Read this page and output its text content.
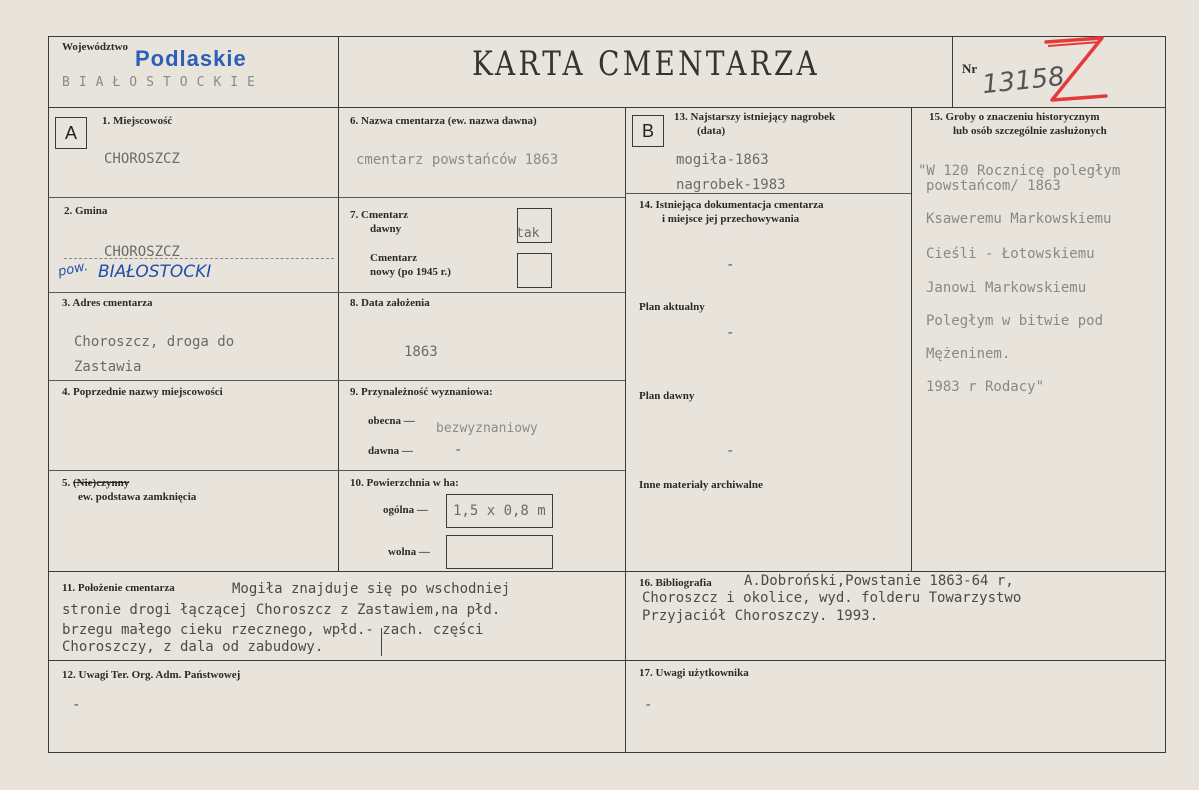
Województwo Podlaskie
BIAŁOSTOCKIE	KARTA CMENTARZA	Nr 13158
A	B
1. Miejscowość
CHOROSZCZ
2. Gmina
CHOROSZCZ
pow. BIAŁOSTOCKI
3. Adres cmentarza
Choroszcz, droga do
Zastawia
4. Poprzednie nazwy miejscowości
5. (Nie)czynny
ew. podstawa zamknięcia
6. Nazwa cmentarza (ew. nazwa dawna)
cmentarz powstańców 1863
7. Cmentarz
dawny	tak
Cmentarz
nowy (po 1945 r.)
8. Data założenia
1863
9. Przynależność wyznaniowa:
obecna — bezwyznaniowy
dawna —	-
10. Powierzchnia w ha:
ogólna — 1,5 x 0,8 m
wolna —
13. Najstarszy istniejący nagrobek
(data)
mogiła-1863
nagrobek-1983
14. Istniejąca dokumentacja cmentarza
i miejsce jej przechowywania
-
Plan aktualny
-
Plan dawny
-
Inne materiały archiwalne
15. Groby o znaczeniu historycznym
lub osób szczególnie zasłużonych
"W 120 Rocznicę poległym
powstańcom/ 1863
Ksaweremu Markowskiemu
Cieśli - Łotowskiemu
Janowi Markowskiemu
Poległym w bitwie pod
Mężeninem.
1983 r Rodacy"
11. Położenie cmentarza	Mogiła znajduje się po wschodniej
stronie drogi łączącej Choroszcz z Zastawiem,na płd.
brzegu małego cieku rzecznego, wpłd.- zach. części
Choroszczy, z dala od zabudowy.
12. Uwagi Ter. Org. Adm. Państwowej
-
16. Bibliografia A.Dobroński,Powstanie 1863-64 r,
Choroszcz i okolice, wyd. folderu Towarzystwo
Przyjaciół Choroszczy. 1993.
17. Uwagi użytkownika
-
